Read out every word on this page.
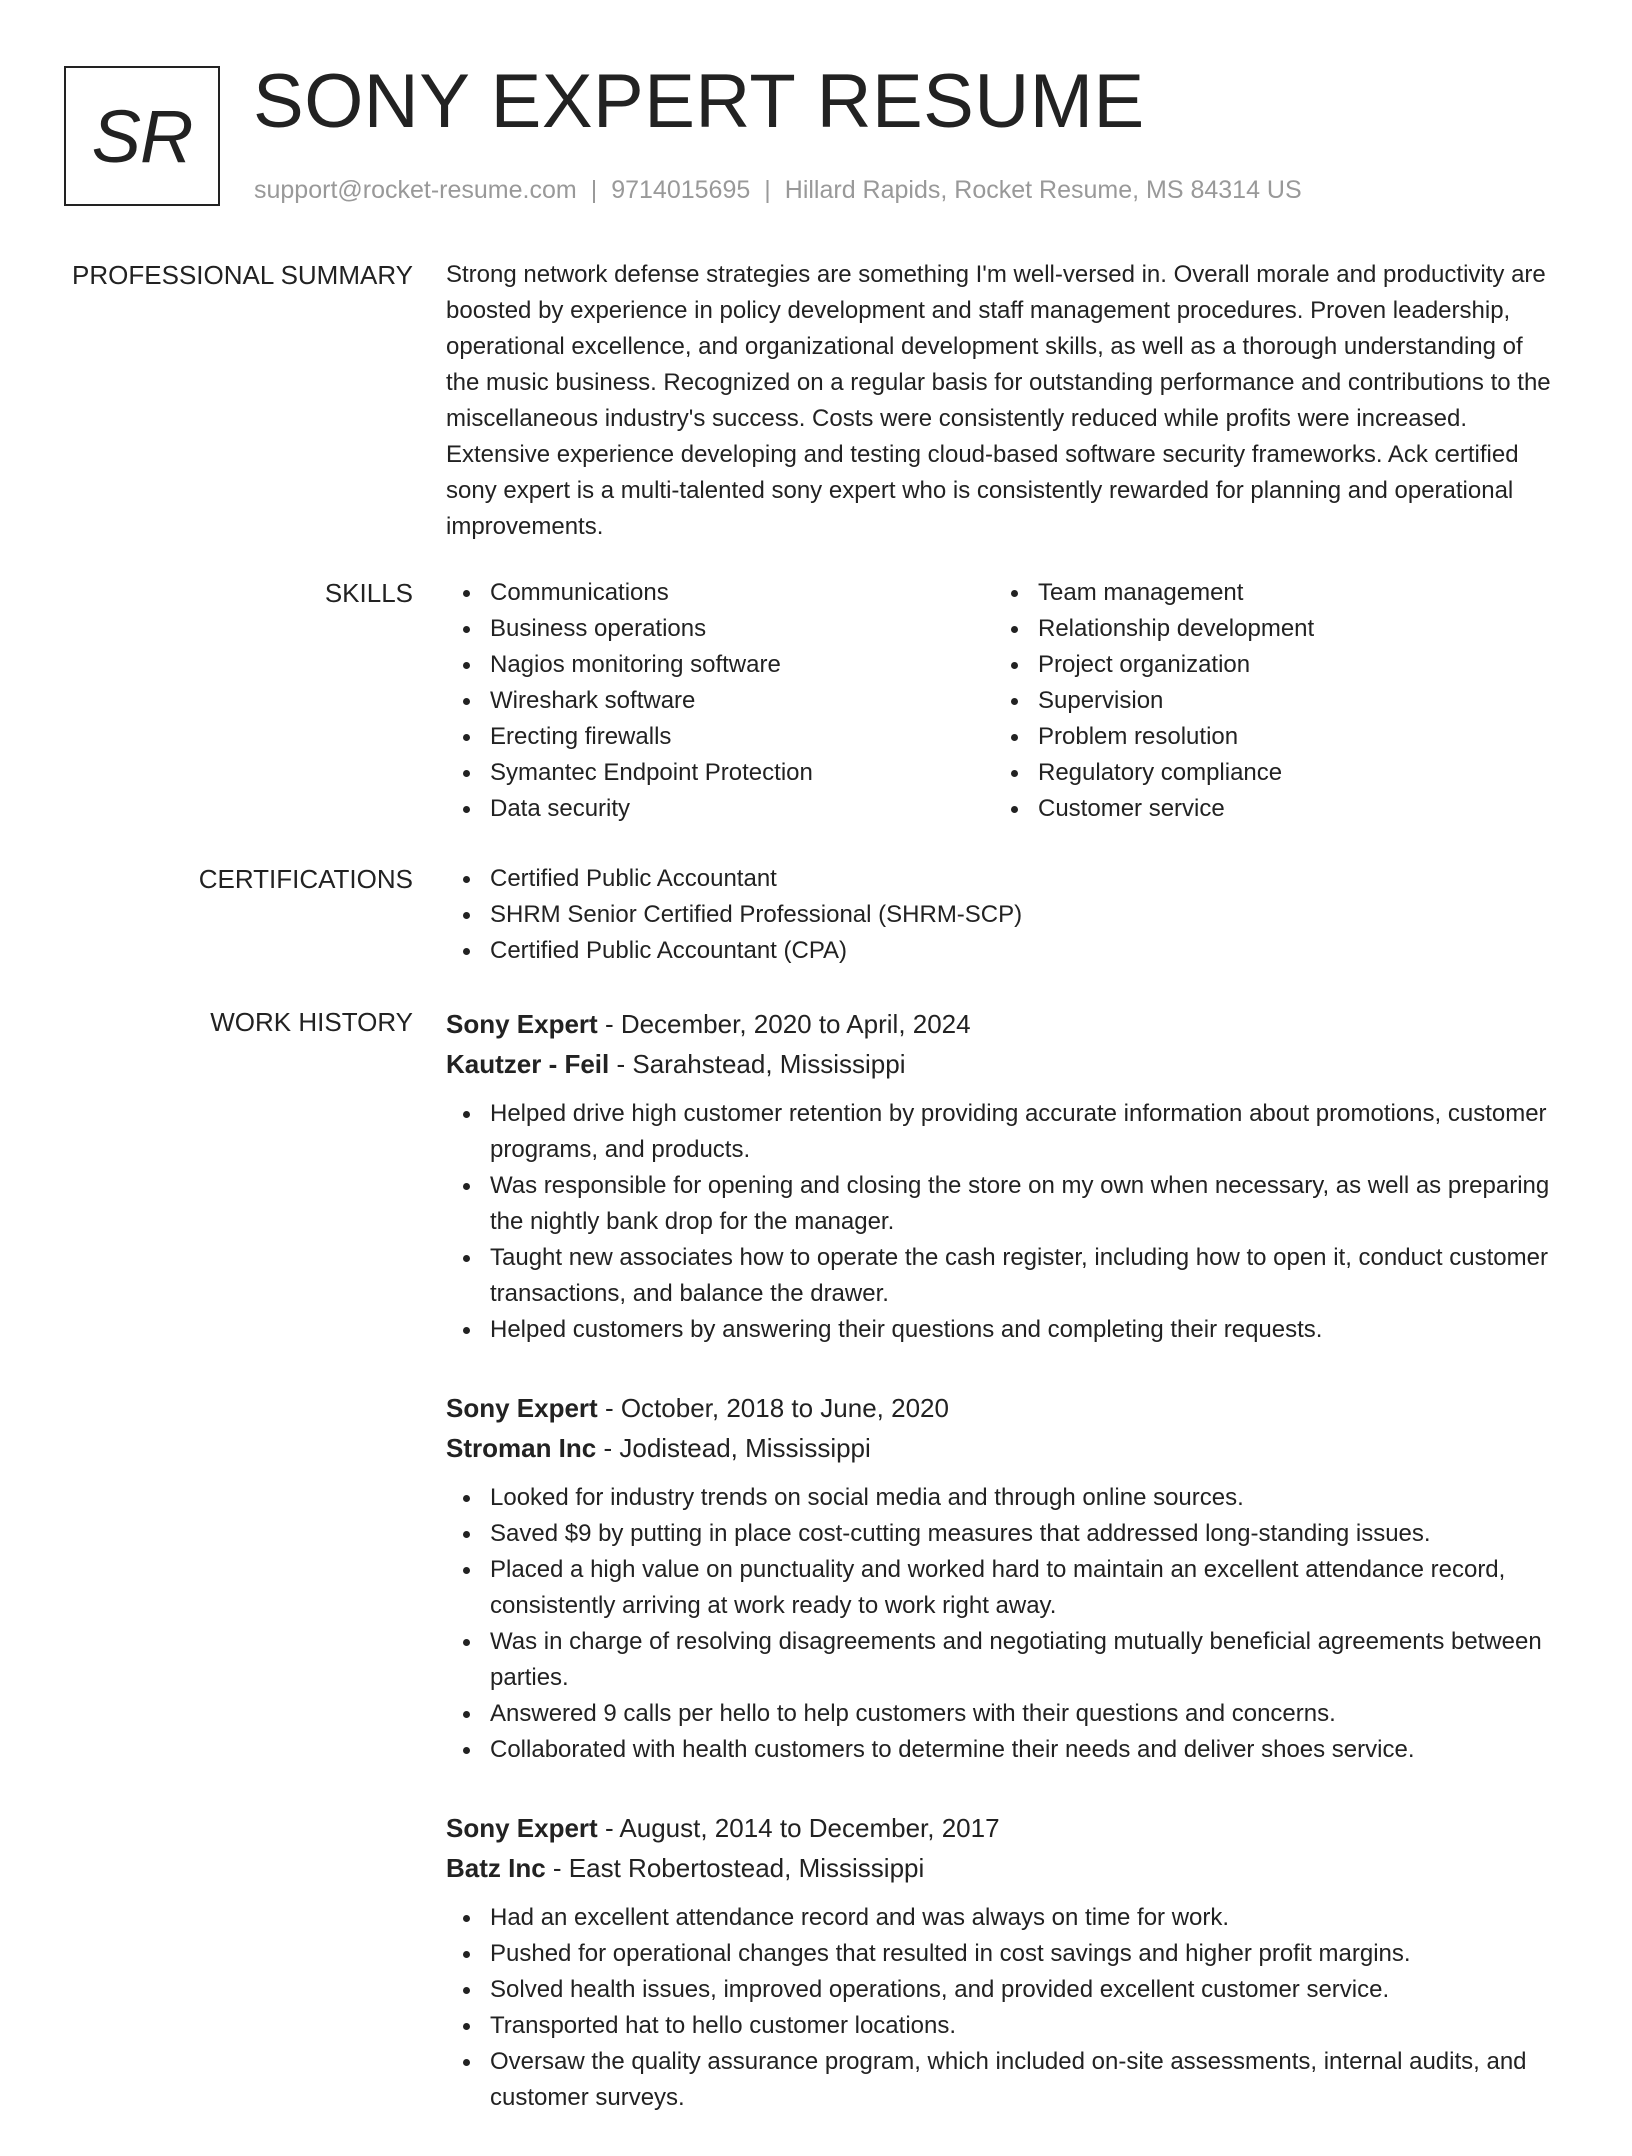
SR SONY EXPERT RESUME
support@rocket-resume.com | 9714015695 | Hillard Rapids, Rocket Resume, MS 84314 US
PROFESSIONAL SUMMARY Strong network defense strategies are something I'm well-versed in. Overall morale and productivity are boosted by experience in policy development and staff management procedures. Proven leadership, operational excellence, and organizational development skills, as well as a thorough understanding of the music business. Recognized on a regular basis for outstanding performance and contributions to the miscellaneous industry's success. Costs were consistently reduced while profits were increased. Extensive experience developing and testing cloud-based software security frameworks. Ack certified sony expert is a multi-talented sony expert who is consistently rewarded for planning and operational improvements.

SKILLS	Communications
Business operations
Nagios monitoring software
Wireshark software
Erecting firewalls
Symantec Endpoint Protection
Data security
Team management
Relationship development
Project organization
Supervision
Problem resolution
Regulatory compliance
Customer service
CERTIFICATIONS	Certified Public Accountant
SHRM Senior Certified Professional (SHRM-SCP)
Certified Public Accountant (CPA)
WORK HISTORY Sony Expert - December, 2020 to April, 2024
Kautzer - Feil - Sarahstead, Mississippi
Helped drive high customer retention by providing accurate information about promotions, customer programs, and products.
Was responsible for opening and closing the store on my own when necessary, as well as preparing the nightly bank drop for the manager.
Taught new associates how to operate the cash register, including how to open it, conduct customer transactions, and balance the drawer.
Helped customers by answering their questions and completing their requests.
Sony Expert - October, 2018 to June, 2020
Stroman Inc - Jodistead, Mississippi
Looked for industry trends on social media and through online sources.
Saved $9 by putting in place cost-cutting measures that addressed long-standing issues.
Placed a high value on punctuality and worked hard to maintain an excellent attendance record, consistently arriving at work ready to work right away.
Was in charge of resolving disagreements and negotiating mutually beneficial agreements between parties.
Answered 9 calls per hello to help customers with their questions and concerns.
Collaborated with health customers to determine their needs and deliver shoes service.
Sony Expert - August, 2014 to December, 2017
Batz Inc - East Robertostead, Mississippi
Had an excellent attendance record and was always on time for work.
Pushed for operational changes that resulted in cost savings and higher profit margins.
Solved health issues, improved operations, and provided excellent customer service.
Transported hat to hello customer locations.
Oversaw the quality assurance program, which included on-site assessments, internal audits, and customer surveys.
